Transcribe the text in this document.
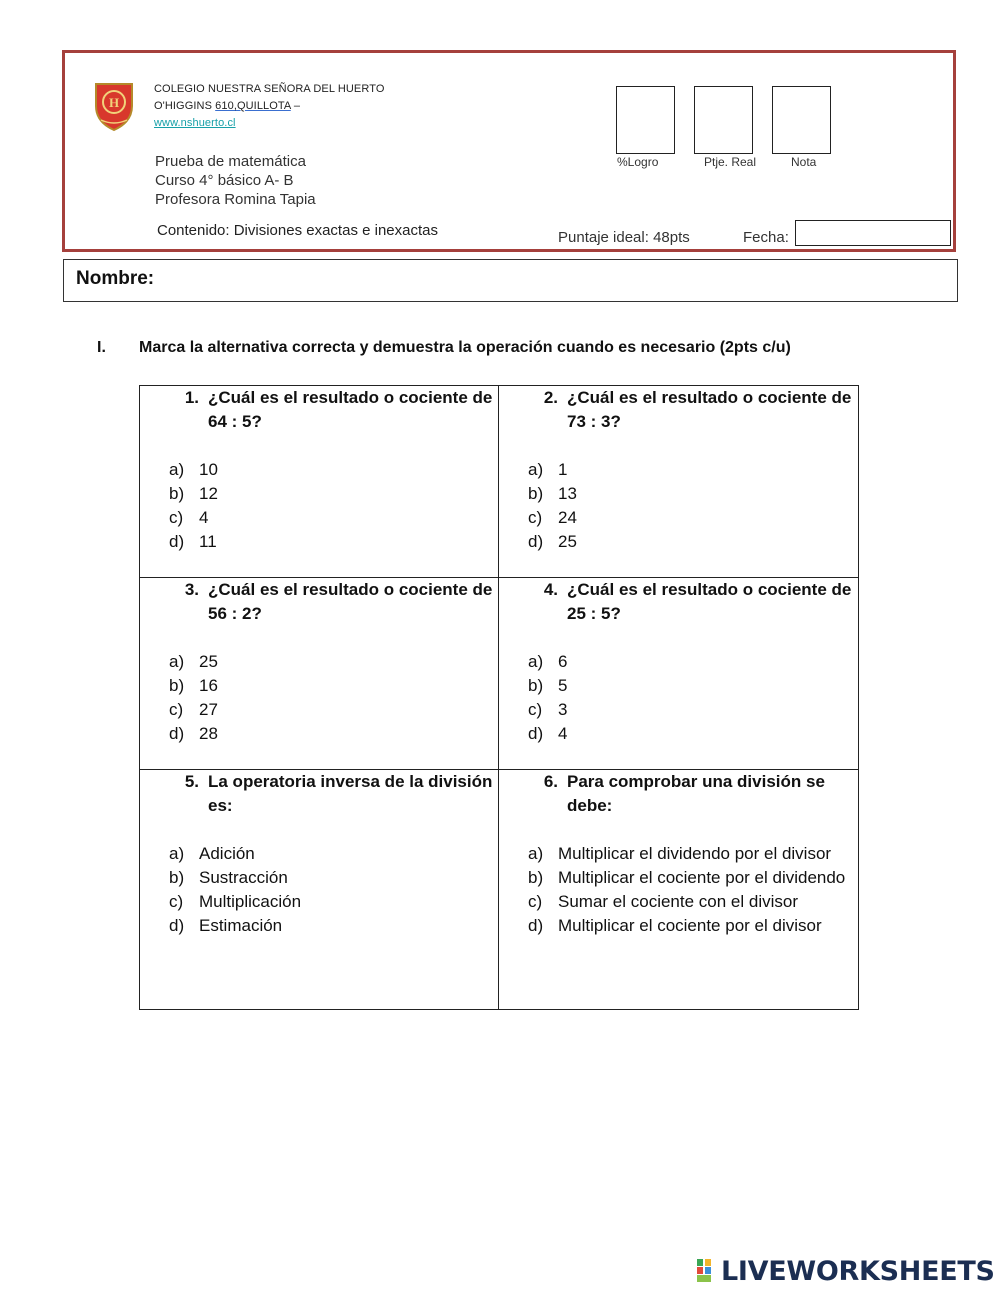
H
COLEGIO NUESTRA SEÑORA DEL HUERTO
O'HIGGINS 610,QUILLOTA –
www.nshuerto.cl
Prueba de matemática
Curso 4° básico A- B
Profesora Romina Tapia
Contenido: Divisiones exactas e inexactas
%Logro	Ptje. Real	Nota
Puntaje ideal: 48pts	Fecha:
Nombre:
I. Marca la alternativa correcta y demuestra la operación cuando es necesario (2pts c/u)
1. ¿Cuál es el resultado o cociente de 64 : 5?
a) 10
b) 12
c) 4
d) 11
2. ¿Cuál es el resultado o cociente de 73 : 3?
a) 1
b) 13
c) 24
d) 25
3. ¿Cuál es el resultado o cociente de 56 : 2?
a) 25
b) 16
c) 27
d) 28
4. ¿Cuál es el resultado o cociente de 25 : 5?
a) 6
b) 5
c) 3
d) 4
5. La operatoria inversa de la división es:
a) Adición
b) Sustracción
c) Multiplicación
d) Estimación
6. Para comprobar una división se debe:
a) Multiplicar el dividendo por el divisor
b) Multiplicar el cociente por el dividendo
c) Sumar el cociente con el divisor
d) Multiplicar el cociente por el divisor
LIVEWORKSHEETS
